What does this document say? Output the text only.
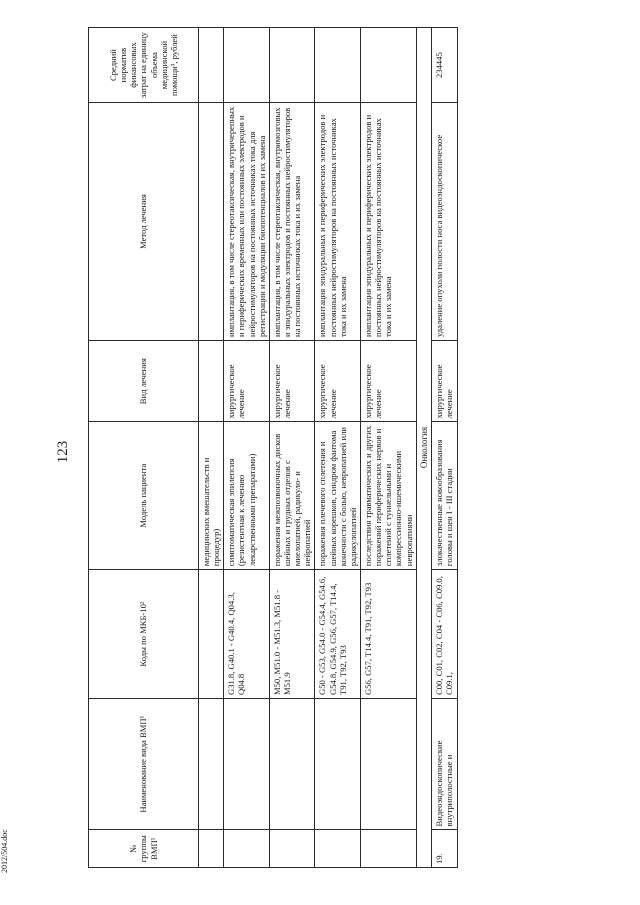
123
2012/504.doc	№ группы ВМП¹	Наименование вида ВМП¹	Коды по МКБ-10²	Модель пациента	Вид лечения	Метод лечения	Средний норматив финансовых затрат на единицу объема медицинской помощи³, рублей
			медицинских вмешательств и процедур)			
		G31.8, G40.1 - G40.4, Q04.3, Q04.8	симптоматическая эпилепсия (резистентная к лечению лекарственными препаратами)	хирургическое лечение	имплантация, в том числе стереотаксическая, внутричерепных и периферических временных или постоянных электродов и нейростимуляторов на постоянных источниках тока для регистрации и модуляции биопотенциалов и их замена	
		M50, M51.0 - M51.3, M51.8 - M51.9	поражения межпозвоночных дисков шейных и грудных отделов с миелопатией, радикуло- и нейропатией	хирургическое лечение	имплантация, в том числе стереотаксическая, внутримозговых и эпидуральных электродов и постоянных нейростимуляторов на постоянных источниках тока и их замена	
		G50 - G53, G54.0 - G54.4, G54.6, G54.8, G54.9, G56, G57, T14.4, T91, T92, T93	поражения плечевого сплетения и шейных корешков, синдром фантома конечности с болью, невропатией или радикулопатией	хирургическое лечение	имплантация эпидуральных и периферических электродов и постоянных нейростимуляторов на постоянных источниках тока и их замена	
		G56, G57, T14.4, T91, T92, T93	последствия травматических и других поражений периферических нервов и сплетений с туннельными и компрессионно-ишемическими невропатиями	хирургическое лечение	имплантация эпидуральных и периферических электродов и постоянных нейростимуляторов на постоянных источниках тока и их замена	
Онкология						
19.	Видеоэндоскопические внутриполостные и	C00, C01, C02, C04 - C06, C09.0, C09.1,	злокачественные новообразования головы и шеи I - III стадии	хирургическое лечение	удаление опухоли полости носа видеоэндоскопическое	234445
